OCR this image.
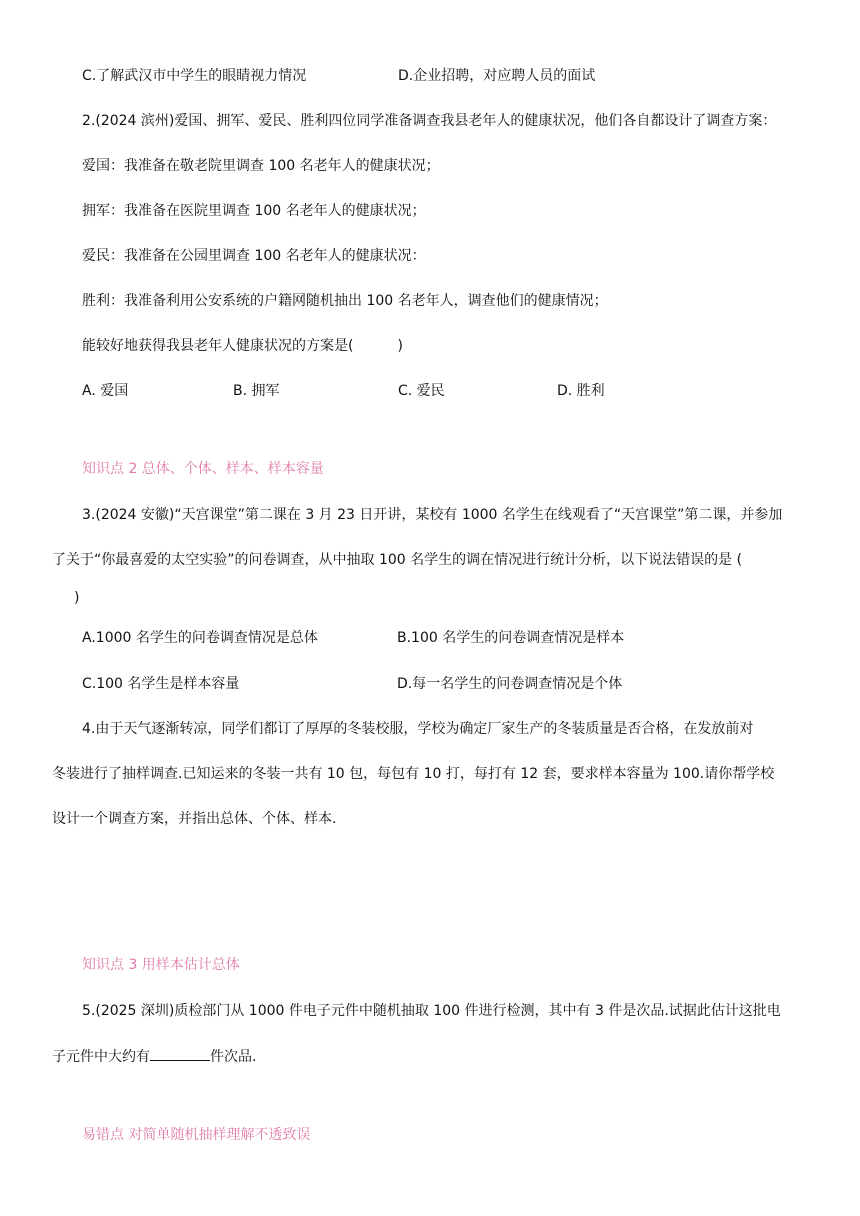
C.了解武汉市中学生的眼睛视力情况	D.企业招聘，对应聘人员的面试
2.(2024 滨州)爱国、拥军、爱民、胜利四位同学准备调查我县老年人的健康状况，他们各自都设计了调查方案：
爱国：我准备在敬老院里调查 100 名老年人的健康状况；
拥军：我准备在医院里调查 100 名老年人的健康状况；
爱民：我准备在公园里调查 100 名老年人的健康状况：
胜利：我准备利用公安系统的户籍网随机抽出 100 名老年人，调查他们的健康情况；
能较好地获得我县老年人健康状况的方案是(	)
A. 爱国	B. 拥军	C. 爱民	D. 胜利
知识点 2 总体、个体、样本、样本容量
3.(2024 安徽)“天宫课堂”第二课在 3 月 23 日开讲，某校有 1000 名学生在线观看了“天宫课堂”第二课，并参加
了关于“你最喜爱的太空实验”的问卷调查，从中抽取 100 名学生的调在情况进行统计分析，以下说法错误的是 (
)
A.1000 名学生的问卷调查情况是总体	B.100 名学生的问卷调查情况是样本
C.100 名学生是样本容量	D.每一名学生的问卷调查情况是个体
4.由于天气逐渐转凉，同学们都订了厚厚的冬装校服，学校为确定厂家生产的冬装质量是否合格，在发放前对
冬装进行了抽样调查.已知运来的冬装一共有 10 包，每包有 10 打，每打有 12 套，要求样本容量为 100.请你帮学校
设计一个调查方案，并指出总体、个体、样本.
知识点 3 用样本估计总体
5.(2025 深圳)质检部门从 1000 件电子元件中随机抽取 100 件进行检测，其中有 3 件是次品.试据此估计这批电
子元件中大约有	件次品.
易错点 对简单随机抽样理解不透致误
